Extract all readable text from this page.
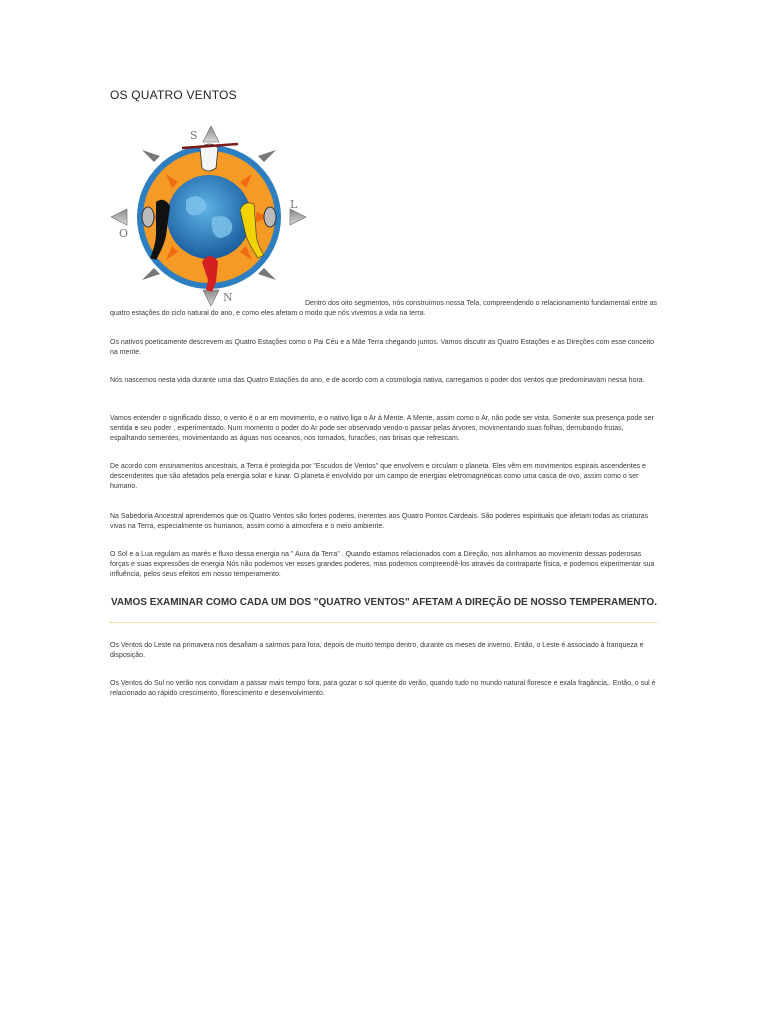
OS QUATRO VENTOS
S
L
O
N	Dentro dos oito segmentos, nós construímos nossa Tela, compreendendo o relacionamento fundamental entre as quatro estações do ciclo natural do ano, e como eles afetam o modo que nós vivemos a vida na terra.
Os nativos poeticamente descrevem as Quatro Estações como o Pai Céu e a Mãe Terra chegando juntos. Vamos discutir as Quatro Estações e as Direções com esse conceito na mente.
Nós nascemos nesta vida durante uma das Quatro Estações do ano, e de acordo com a cosmologia nativa, carregamos o poder dos ventos que predominavam nessa hora.
Vamos entender o significado disso, o vento é o ar em movimento, e o nativo liga o Ar à Mente. A Mente, assim como o Ar, não pode ser vista. Somente sua presença pode ser sentida e seu poder , experimentado. Num momento o poder do Ar pode ser observado vendo-o passar pelas árvores, movimentando suas folhas, derrubando frutas, espalhando sementes, movimentando as águas nos oceanos, nos tornados, furacões, nas brisas que refrescam.
De acordo com ensinamentos ancestrais, a Terra é protegida por "Escudos de Ventos" que envolvem e circulam o planeta. Eles vêm em movimentos espirais ascendentes e descendentes que são afetados pela energia solar e lunar. O planeta é envolvido por um campo de energias eletromagnéticas como uma casca de ovo, assim como o ser humano.
Na Sabedoria Ancestral aprendemos que os Quatro Ventos são fortes poderes, inerentes aos Quatro Pontos Cardeais. São poderes espirituais que afetam todas as criaturas vivas na Terra, especialmente os humanos, assim como a atmosfera e o meio ambiente.
O Sol e a Lua regulam as marés e fluxo dessa energia na " Aura da Terra" . Quando estamos relacionados com a Direção, nos alinhamos ao movimento dessas poderosas forças e suas expressões de energia Nós não podemos ver esses grandes poderes, mas podemos compreendê-los através da contraparte física, e podemos experimentar sua influência, pelos seus efeitos em nosso temperamento.
VAMOS EXAMINAR COMO CADA UM DOS "QUATRO VENTOS" AFETAM A DIREÇÃO DE NOSSO TEMPERAMENTO.
Os Ventos do Leste na primavera nos desafiam a sairmos para fora, depois de muito tempo dentro, durante os meses de inverno. Então, o Leste é associado à franqueza e disposição.
Os Ventos do Sul no verão nos convidam a passar mais tempo fora, para gozar o sol quente do verão, quando tudo no mundo natural floresce e exala fragância,. Então, o sul é relacionado ao rápido crescimento, florescimento e desenvolvimento.
